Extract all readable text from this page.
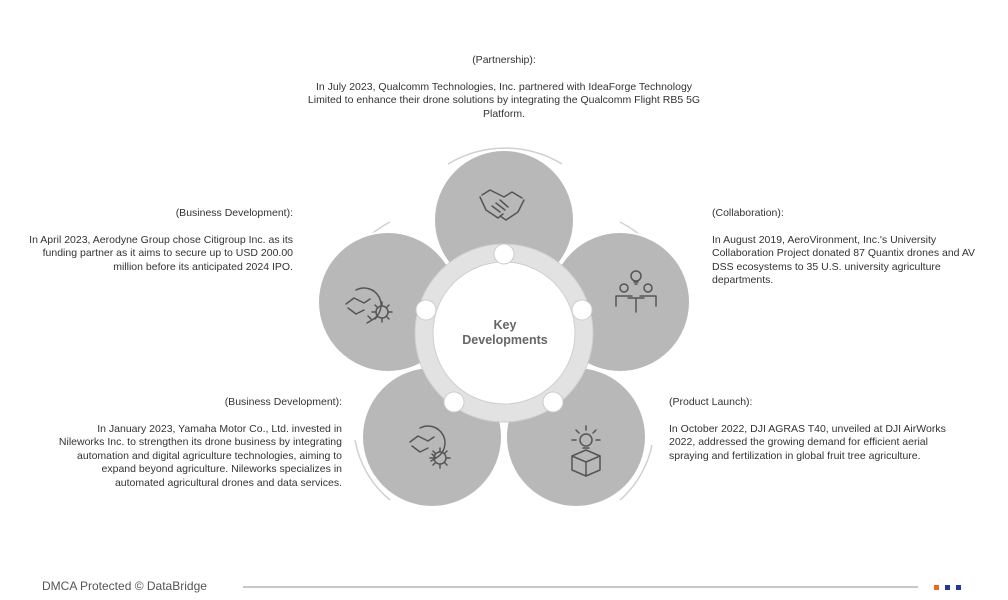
Key
Developments
(Partnership):

In July 2023, Qualcomm Technologies, Inc. partnered with IdeaForge Technology Limited to enhance their drone solutions by integrating the Qualcomm Flight RB5 5G Platform.

(Collaboration):

In August 2019, AeroVironment, Inc.'s University Collaboration Project donated 87 Quantix drones and AV DSS ecosystems to 35 U.S. university agriculture departments.

(Product Launch):

In October 2022, DJI AGRAS T40, unveiled at DJI AirWorks 2022, addressed the growing demand for efficient aerial spraying and fertilization in global fruit tree agriculture.

(Business Development):

In January 2023, Yamaha Motor Co., Ltd. invested in Nileworks Inc. to strengthen its drone business by integrating automation and digital agriculture technologies, aiming to expand beyond agriculture. Nileworks specializes in automated agricultural drones and data services.

(Business Development):

In April 2023, Aerodyne Group chose Citigroup Inc. as its funding partner as it aims to secure up to USD 200.00 million before its anticipated 2024 IPO.

DMCA Protected © DataBridge
